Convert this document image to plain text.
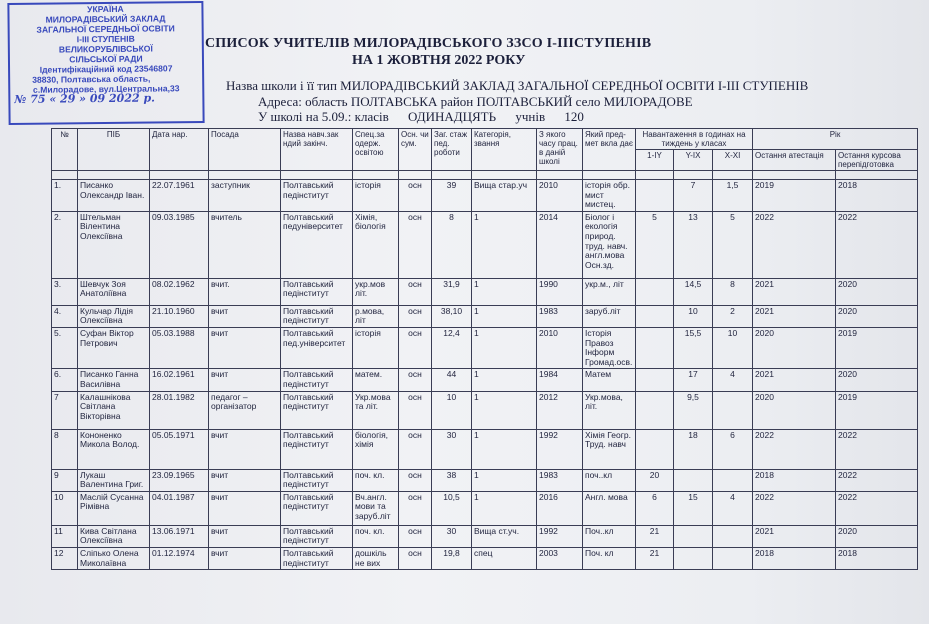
УКРАЇНА
МИЛОРАДІВСЬКИЙ ЗАКЛАД
ЗАГАЛЬНОЇ СЕРЕДНЬОЇ ОСВІТИ
І-ІІІ СТУПЕНІВ
ВЕЛИКОРУБЛІВСЬКОЇ
СІЛЬСЬКОЇ РАДИ
Ідентифікаційний код 23546807
38830, Полтавська область,
с.Милорадове, вул.Центральна,33
№ 75 « 29 » 09 2022 р.
СПИСОК УЧИТЕЛІВ МИЛОРАДІВСЬКОГО ЗЗСО І-ІІІСТУПЕНІВ
НА 1 ЖОВТНЯ 2022 РОКУ
Назва школи і її тип МИЛОРАДІВСЬКИЙ ЗАКЛАД ЗАГАЛЬНОЇ СЕРЕДНЬОЇ ОСВІТИ І-ІІІ СТУПЕНІВ
Адреса: область ПОЛТАВСЬКА район ПОЛТАВСЬКИЙ село МИЛОРАДОВЕ
У школі на 5.09.: класів ОДИНАДЦЯТЬ учнів 120
№	ПІБ	Дата нар.	Посада	Назва навч.зак ндий закінч.	Спец.за одерж. освітою	Осн. чи сум.	Заг. стаж пед. роботи	Категорія, звання	З якого часу прац. в даній школі	Який пред-мет вкла дає	Навантаження в годинах на тиждень у класах			Рік	
											1-IY	Y-IX	X-XI	Остання атестація	Остання курсова перепідготовка

1.	Писанко Олександр Іван.	22.07.1961	заступник	Полтавський педінститут	історія	осн	39	Вища стар.уч	2010	історія обр. мист мистец.		7	1,5	2019	2018
2.	Штельман Вілентина Олексіївна	09.03.1985	вчитель	Полтавський педуніверситет	Хімія, біологія	осн	8	1	2014	Біолог і екологія природ. труд. навч. англ.мова Осн.зд.	5	13	5	2022	2022
3.	Шевчук Зоя Анатоліївна	08.02.1962	вчит.	Полтавський педінститут	укр.мов літ.	осн	31,9	1	1990	укр.м., літ		14,5	8	2021	2020
4.	Кульчар Лідія Олексіївна	21.10.1960	вчит	Полтавський педінститут	р.мова, літ	осн	38,10	1	1983	заруб.літ		10	2	2021	2020
5.	Суфан Віктор Петрович	05.03.1988	вчит	Полтавський пед.університет	історія	осн	12,4	1	2010	Історія Правоз Інформ Громад.осв.		15,5	10	2020	2019
6.	Писанко Ганна Василівна	16.02.1961	вчит	Полтавський педінститут	матем.	осн	44	1	1984	Матем		17	4	2021	2020
7	Калашнікова Світлана Вікторівна	28.01.1982	педагог – організатор	Полтавський педінститут	Укр.мова та літ.	осн	10	1	2012	Укр.мова, літ.		9,5		2020	2019
8	Кононенко Микола Волод.	05.05.1971	вчит	Полтавський педінститут	біологія, хімія	осн	30	1	1992	Хімія Геогр. Труд. навч		18	6	2022	2022
9	Лукаш Валентина Григ.	23.09.1965	вчит	Полтавський педінститут	поч. кл.	осн	38	1	1983	поч..кл	20			2018	2022
10	Маслій Сусанна Рімівна	04.01.1987	вчит	Полтавський педінститут	Вч.англ. мови та заруб.літ	осн	10,5	1	2016	Англ. мова	6	15	4	2022	2022
11	Кива Світлана Олексіївна	13.06.1971	вчит	Полтавський педінститут	поч. кл.	осн	30	Вища ст.уч.	1992	Поч..кл	21			2021	2020
12	Сліпько Олена Миколаївна	01.12.1974	вчит	Полтавський педінститут	дошкіль не вих	осн	19,8	спец	2003	Поч. кл	21			2018	2018
